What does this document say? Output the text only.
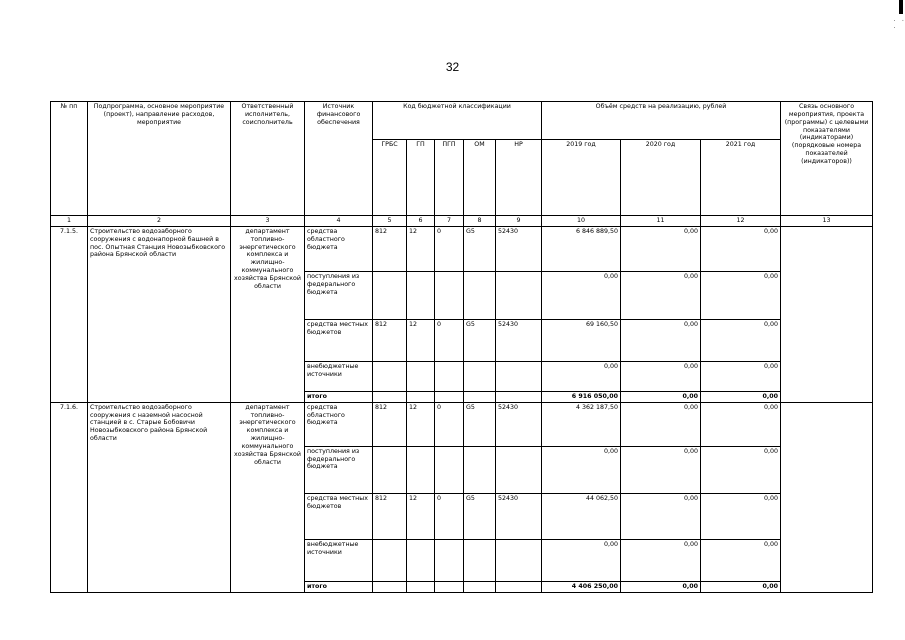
. .
.
32
№ пп	Подпрограмма, основное мероприятие (проект), направление расходов, мероприятие	Ответственный исполнитель, соисполнитель	Источник финансового обеспечения	Код бюджетной классификации					Объём средств на реализацию, рублей			Связь основного мероприятия, проекта (программы) с целевыми показателями (индикаторами) (порядковые номера показателей (индикаторов))
				ГРБС	ГП	ПГП	ОМ	НР	2019 год	2020 год	2021 год	
1	2	3	4	5	6	7	8	9	10	11	12	13
7.1.5.	Строительство водозаборного сооружения с водонапорной башней в пос. Опытная Станция Новозыбковского района Брянской области	департамент топливно-энергетического комплекса и жилищно-коммунального хозяйства Брянской области	средства областного бюджета	812	12	0	G5	52430	6 846 889,50	0,00	0,00	
			поступления из федерального бюджета						0,00	0,00	0,00	
			средства местных бюджетов	812	12	0	G5	52430	69 160,50	0,00	0,00	
			внебюджетные источники						0,00	0,00	0,00	
			итого						6 916 050,00	0,00	0,00	
7.1.6.	Строительство водозаборного сооружения с наземной насосной станцией в с. Старые Бобовичи Новозыбковского района Брянской области	департамент топливно-энергетического комплекса и жилищно-коммунального хозяйства Брянской области	средства областного бюджета	812	12	0	G5	52430	4 362 187,50	0,00	0,00	
			поступления из федерального бюджета						0,00	0,00	0,00	
			средства местных бюджетов	812	12	0	G5	52430	44 062,50	0,00	0,00	
			внебюджетные источники						0,00	0,00	0,00	
			итого						4 406 250,00	0,00	0,00	
